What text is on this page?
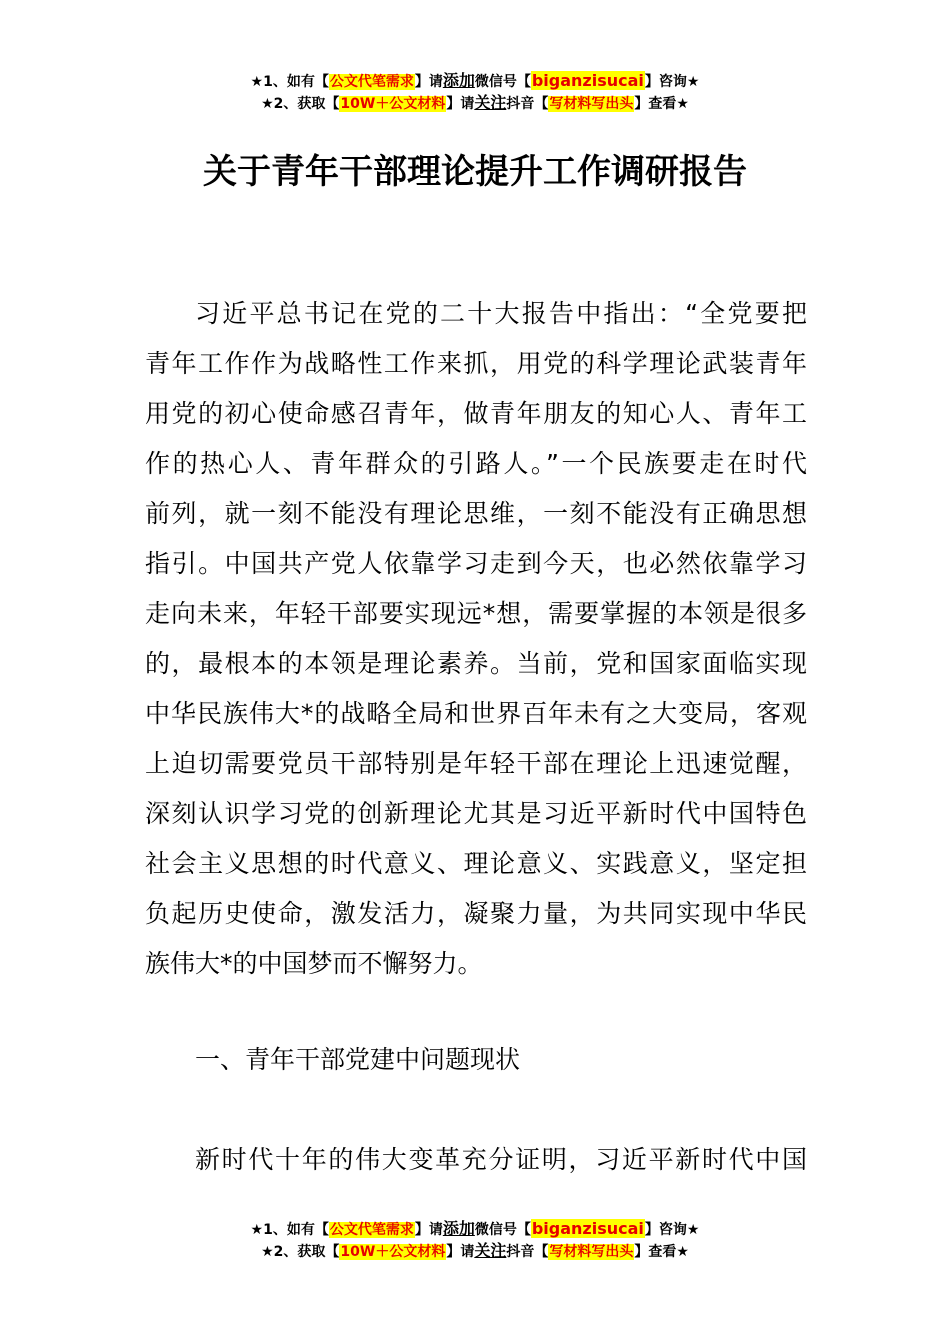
★1、如有【公文代笔需求】请添加微信号【biganzisucai】咨询★
★2、获取【10W＋公文材料】请关注抖音【写材料写出头】查看★
关于青年干部理论提升工作调研报告
习近平总书记在党的二十大报告中指出：“全党要把
青年工作作为战略性工作来抓，用党的科学理论武装青年
用党的初心使命感召青年，做青年朋友的知心人、青年工
作的热心人、青年群众的引路人。”一个民族要走在时代
前列，就一刻不能没有理论思维，一刻不能没有正确思想
指引。中国共产党人依靠学习走到今天，也必然依靠学习
走向未来，年轻干部要实现远*想，需要掌握的本领是很多
的，最根本的本领是理论素养。当前，党和国家面临实现
中华民族伟大*的战略全局和世界百年未有之大变局，客观
上迫切需要党员干部特别是年轻干部在理论上迅速觉醒，
深刻认识学习党的创新理论尤其是习近平新时代中国特色
社会主义思想的时代意义、理论意义、实践意义，坚定担
负起历史使命，激发活力，凝聚力量，为共同实现中华民
族伟大*的中国梦而不懈努力。
一、青年干部党建中问题现状
新时代十年的伟大变革充分证明，习近平新时代中国
★1、如有【公文代笔需求】请添加微信号【biganzisucai】咨询★
★2、获取【10W＋公文材料】请关注抖音【写材料写出头】查看★
